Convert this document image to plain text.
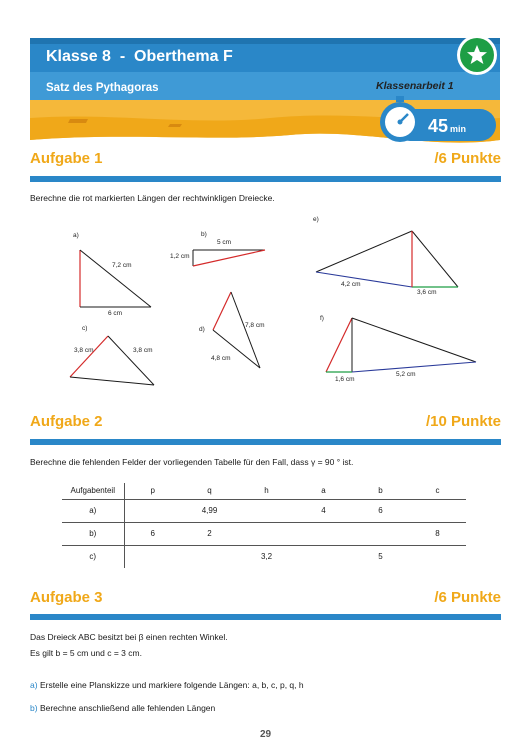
Klasse 8  -  Oberthema F
Satz des Pythagoras	Klassenarbeit 1
45 min
Aufgabe 1	/6 Punkte
Berechne die rot markierten Längen der rechtwinkligen Dreiecke.
a)
7,2 cm
6 cm
b)
5 cm
1,2 cm
c)
3,8 cm	3,8 cm
d)
7,8 cm
4,8 cm
e)
4,2 cm
3,6 cm
f)
1,6 cm
5,2 cm
Aufgabe 2	/10 Punkte
Berechne die fehlenden Felder der vorliegenden Tabelle für den Fall, dass γ = 90 ° ist.
Aufgabenteil	p	q	h	a	b	c
a)		4,99		4	6	
b)	6	2				8
c)			3,2		5	
Aufgabe 3	/6 Punkte
Das Dreieck ABC besitzt bei β einen rechten Winkel.
Es gilt b = 5 cm und c = 3 cm.
a) Erstelle eine Planskizze und markiere folgende Längen: a, b, c, p, q, h
b) Berechne anschließend alle fehlenden Längen
29
